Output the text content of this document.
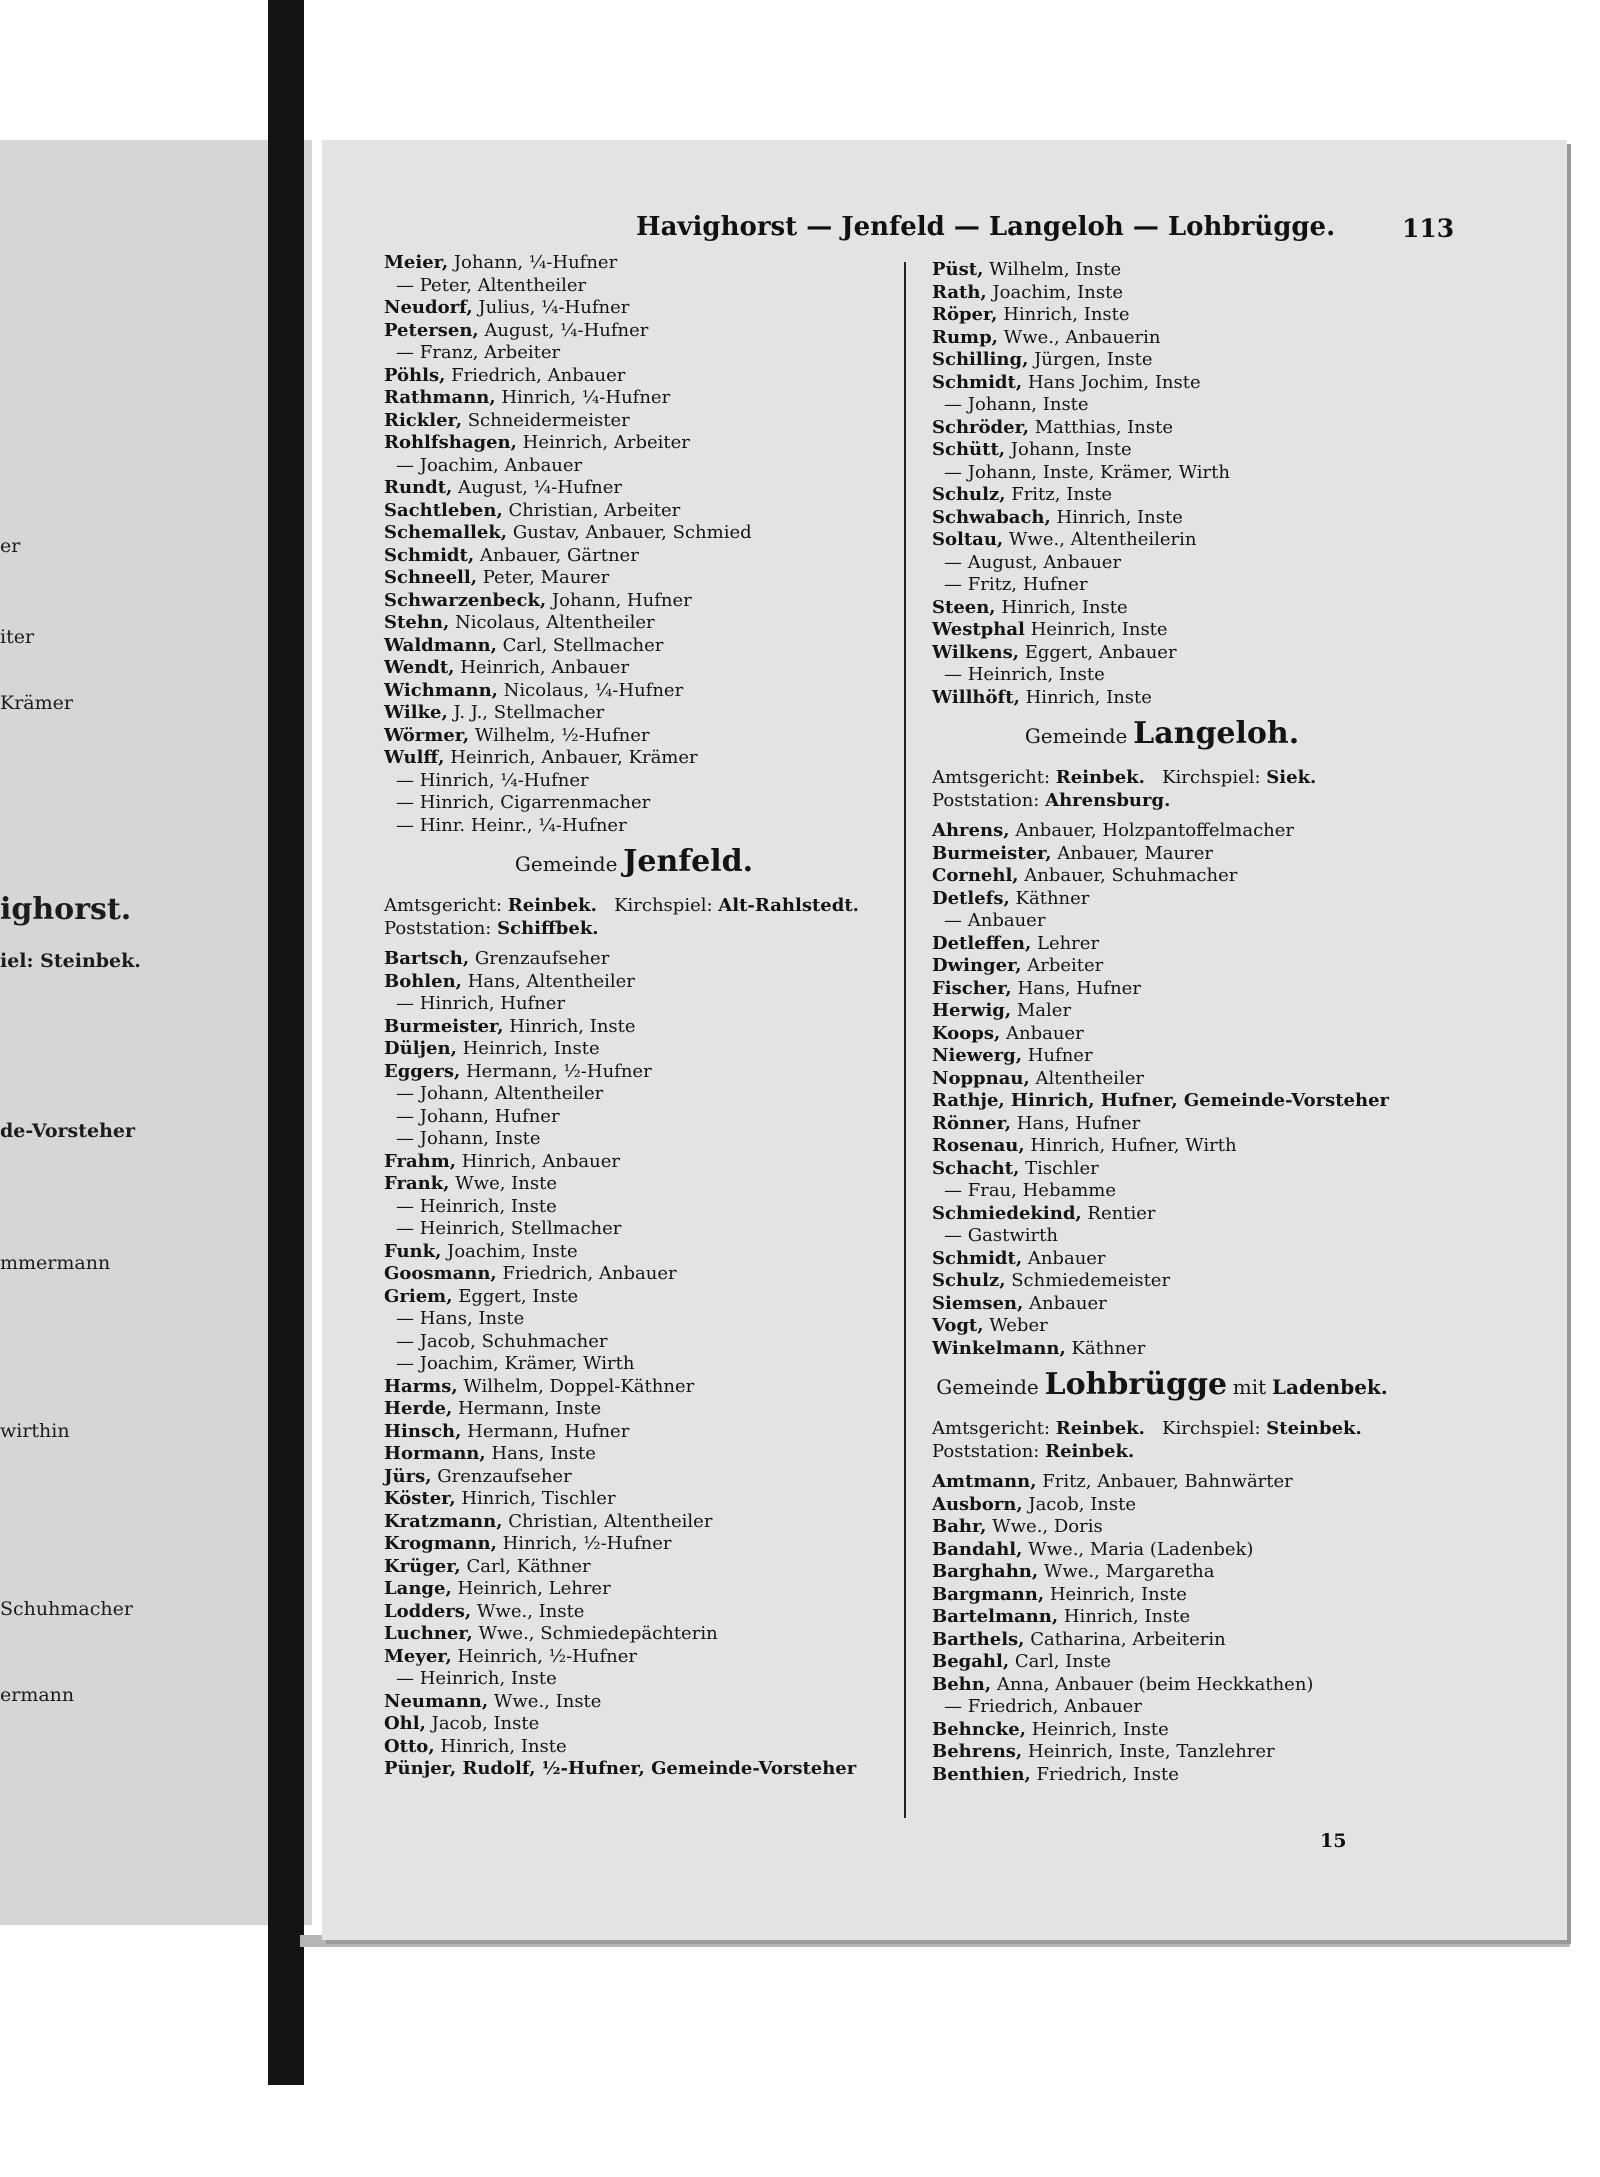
ighorst.
iel: Steinbek.
de-Vorsteher
mmermann
wirthin
Schuhmacher
ermann
Krämer
iter
er
Havighorst — Jenfeld — Langeloh — Lohbrügge.	113
Meier, Johann, ¼-Hufner
— Peter, Altentheiler
Neudorf, Julius, ¼-Hufner
Petersen, August, ¼-Hufner
— Franz, Arbeiter
Pöhls, Friedrich, Anbauer
Rathmann, Hinrich, ¼-Hufner
Rickler, Schneidermeister
Rohlfshagen, Heinrich, Arbeiter
— Joachim, Anbauer
Rundt, August, ¼-Hufner
Sachtleben, Christian, Arbeiter
Schemallek, Gustav, Anbauer, Schmied
Schmidt, Anbauer, Gärtner
Schneell, Peter, Maurer
Schwarzenbeck, Johann, Hufner
Stehn, Nicolaus, Altentheiler
Waldmann, Carl, Stellmacher
Wendt, Heinrich, Anbauer
Wichmann, Nicolaus, ¼-Hufner
Wilke, J. J., Stellmacher
Wörmer, Wilhelm, ½-Hufner
Wulff, Heinrich, Anbauer, Krämer
— Hinrich, ¼-Hufner
— Hinrich, Cigarrenmacher
— Hinr. Heinr., ¼-Hufner
Gemeinde Jenfeld.
Amtsgericht: Reinbek. Kirchspiel: Alt-Rahlstedt.
Poststation: Schiffbek.
Bartsch, Grenzaufseher
Bohlen, Hans, Altentheiler
— Hinrich, Hufner
Burmeister, Hinrich, Inste
Düljen, Heinrich, Inste
Eggers, Hermann, ½-Hufner
— Johann, Altentheiler
— Johann, Hufner
— Johann, Inste
Frahm, Hinrich, Anbauer
Frank, Wwe, Inste
— Heinrich, Inste
— Heinrich, Stellmacher
Funk, Joachim, Inste
Goosmann, Friedrich, Anbauer
Griem, Eggert, Inste
— Hans, Inste
— Jacob, Schuhmacher
— Joachim, Krämer, Wirth
Harms, Wilhelm, Doppel-Käthner
Herde, Hermann, Inste
Hinsch, Hermann, Hufner
Hormann, Hans, Inste
Jürs, Grenzaufseher
Köster, Hinrich, Tischler
Kratzmann, Christian, Altentheiler
Krogmann, Hinrich, ½-Hufner
Krüger, Carl, Käthner
Lange, Heinrich, Lehrer
Lodders, Wwe., Inste
Luchner, Wwe., Schmiedepächterin
Meyer, Heinrich, ½-Hufner
— Heinrich, Inste
Neumann, Wwe., Inste
Ohl, Jacob, Inste
Otto, Hinrich, Inste
Pünjer, Rudolf, ½-Hufner, Gemeinde-Vorsteher
Püst, Wilhelm, Inste
Rath, Joachim, Inste
Röper, Hinrich, Inste
Rump, Wwe., Anbauerin
Schilling, Jürgen, Inste
Schmidt, Hans Jochim, Inste
— Johann, Inste
Schröder, Matthias, Inste
Schütt, Johann, Inste
— Johann, Inste, Krämer, Wirth
Schulz, Fritz, Inste
Schwabach, Hinrich, Inste
Soltau, Wwe., Altentheilerin
— August, Anbauer
— Fritz, Hufner
Steen, Hinrich, Inste
Westphal Heinrich, Inste
Wilkens, Eggert, Anbauer
— Heinrich, Inste
Willhöft, Hinrich, Inste
Gemeinde Langeloh.
Amtsgericht: Reinbek. Kirchspiel: Siek.
Poststation: Ahrensburg.
Ahrens, Anbauer, Holzpantoffelmacher
Burmeister, Anbauer, Maurer
Cornehl, Anbauer, Schuhmacher
Detlefs, Käthner
— Anbauer
Detleffen, Lehrer
Dwinger, Arbeiter
Fischer, Hans, Hufner
Herwig, Maler
Koops, Anbauer
Niewerg, Hufner
Noppnau, Altentheiler
Rathje, Hinrich, Hufner, Gemeinde-Vorsteher
Rönner, Hans, Hufner
Rosenau, Hinrich, Hufner, Wirth
Schacht, Tischler
— Frau, Hebamme
Schmiedekind, Rentier
— Gastwirth
Schmidt, Anbauer
Schulz, Schmiedemeister
Siemsen, Anbauer
Vogt, Weber
Winkelmann, Käthner
Gemeinde Lohbrügge mit Ladenbek.
Amtsgericht: Reinbek. Kirchspiel: Steinbek.
Poststation: Reinbek.
Amtmann, Fritz, Anbauer, Bahnwärter
Ausborn, Jacob, Inste
Bahr, Wwe., Doris
Bandahl, Wwe., Maria (Ladenbek)
Barghahn, Wwe., Margaretha
Bargmann, Heinrich, Inste
Bartelmann, Hinrich, Inste
Barthels, Catharina, Arbeiterin
Begahl, Carl, Inste
Behn, Anna, Anbauer (beim Heckkathen)
— Friedrich, Anbauer
Behncke, Heinrich, Inste
Behrens, Heinrich, Inste, Tanzlehrer
Benthien, Friedrich, Inste
15
